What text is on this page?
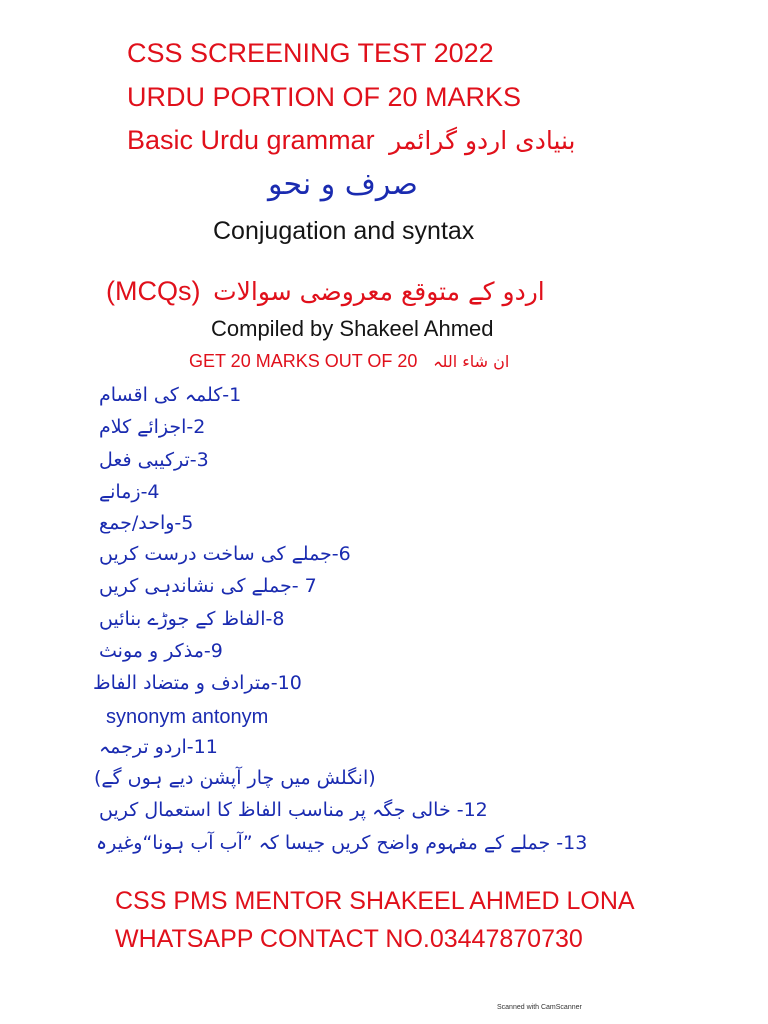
CSS SCREENING TEST 2022
URDU PORTION OF 20 MARKS
Basic Urdu grammar بنیادی اردو گرائمر
صرف و نحو
Conjugation and syntax
(MCQs) اردو کے متوقع معروضی سوالات
Compiled by Shakeel Ahmed
GET 20 MARKS OUT OF 20 ان شاء اللہ
1-کلمہ کی اقسام
2-اجزائے کلام
3-ترکیبی فعل
4-زمانے
5-واحد/جمع
6-جملے کی ساخت درست کریں
7 -جملے کی نشاندہی کریں
8-الفاظ کے جوڑے بنائیں
9-مذکر و مونث
10-مترادف و متضاد الفاظ
synonym antonym
11-اردو ترجمہ
(انگلش میں چار آپشن دیے ہوں گے)
12- خالی جگہ پر مناسب الفاظ کا استعمال کریں
13- جملے کے مفہوم واضح کریں جیسا کہ ”آب آب ہونا“وغیرہ
CSS PMS MENTOR SHAKEEL AHMED LONA
WHATSAPP CONTACT NO.03447870730
Scanned with CamScanner
